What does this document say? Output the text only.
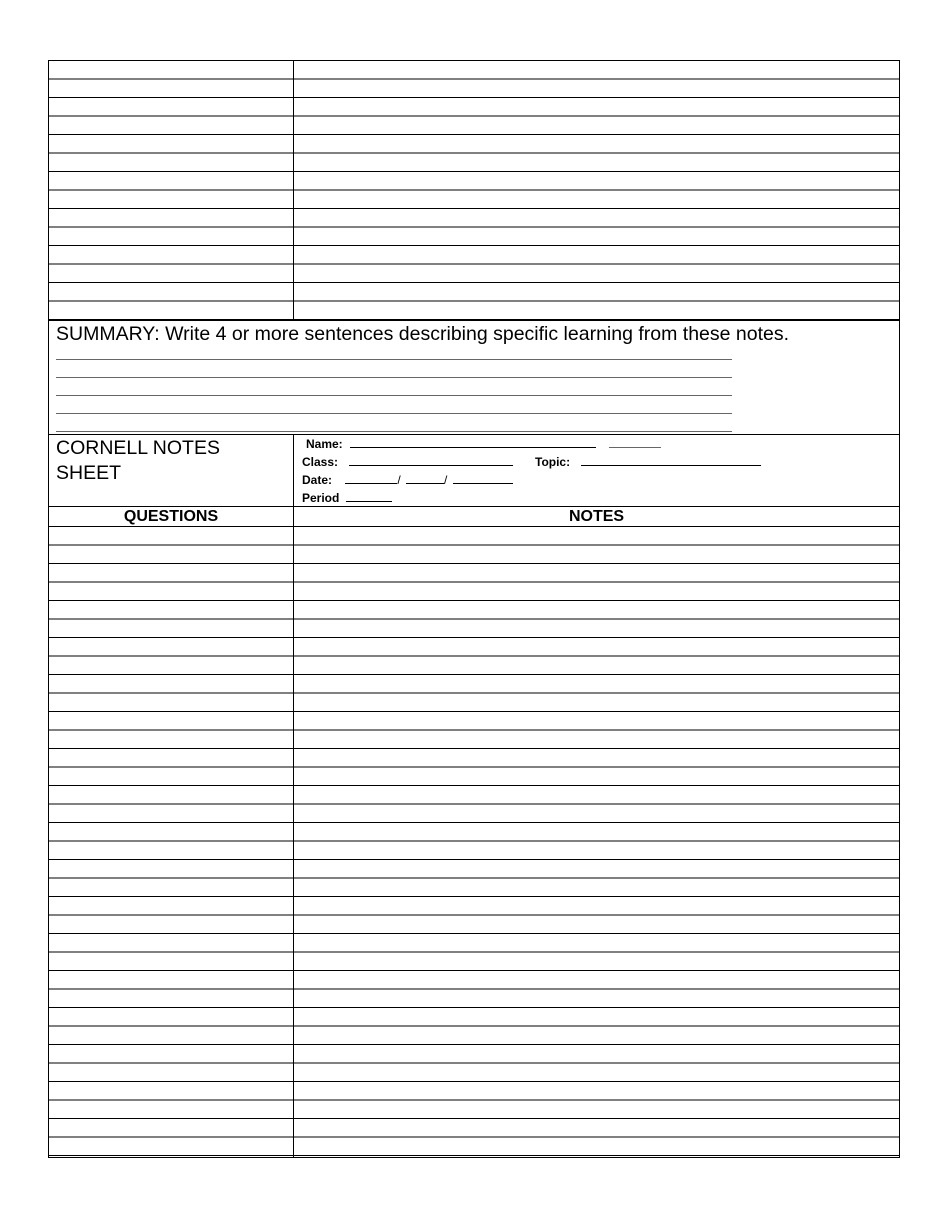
SUMMARY: Write 4 or more sentences describing specific learning from these notes.
CORNELL NOTES
SHEET
Name:
Class:	Topic:
Date:	/	/
Period
QUESTIONS	NOTES
